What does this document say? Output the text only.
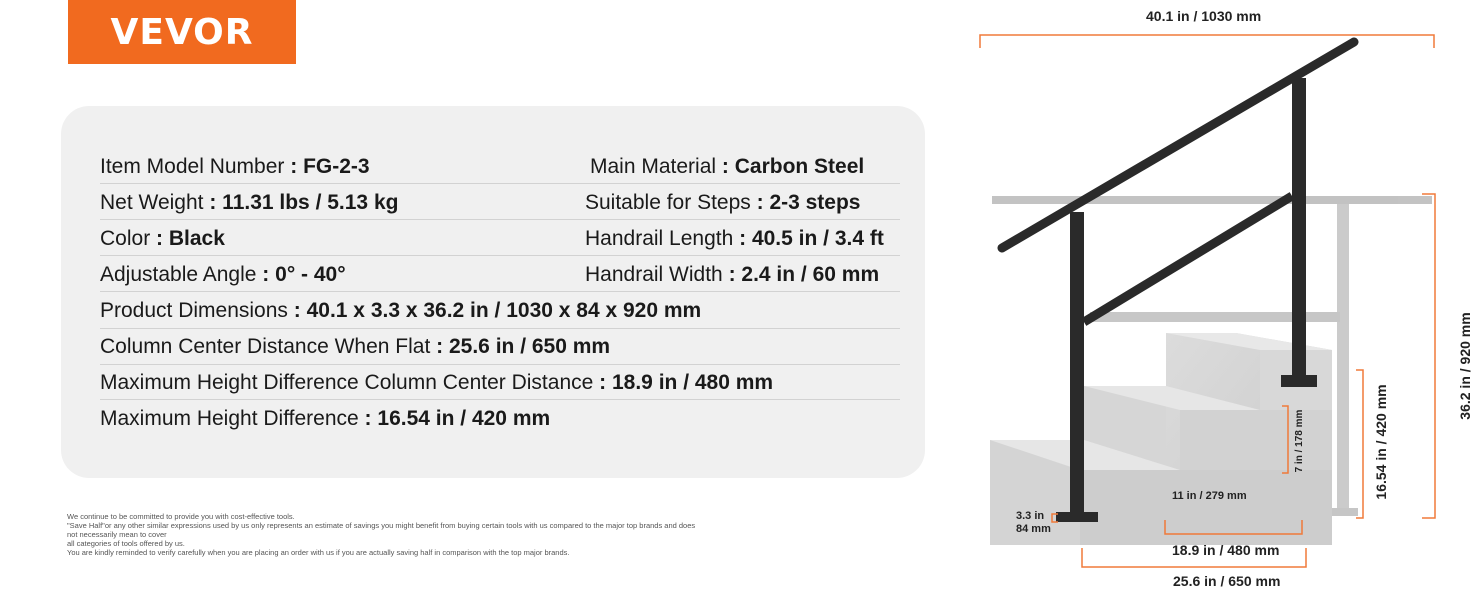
VEVOR
Item Model Number : FG-2-3	Main Material : Carbon Steel
Net Weight : 11.31 lbs / 5.13 kg	Suitable for Steps : 2-3 steps
Color : Black	Handrail Length : 40.5 in / 3.4 ft
Adjustable Angle : 0° - 40°	Handrail Width : 2.4 in / 60 mm
Product Dimensions : 40.1 x 3.3 x 36.2 in / 1030 x 84 x 920 mm
Column Center Distance When Flat : 25.6 in / 650 mm
Maximum Height Difference Column Center Distance : 18.9 in / 480 mm
Maximum Height Difference : 16.54 in / 420 mm
We continue to be committed to provide you with cost-effective tools.
"Save Half"or any other similar expressions used by us only represents an estimate of savings you might benefit from buying certain tools with us compared to the major top brands and does
not necessarily mean to cover
all categories of tools offered by us.
You are kindly reminded to verify carefully when you are placing an order with us if you are actually saving half in comparison with the top major brands.
40.1 in / 1030 mm
18.9 in / 480 mm
25.6 in / 650 mm
11 in / 279 mm
3.3 in
84 mm
36.2 in / 920 mm
16.54 in / 420 mm
7 in / 178 mm
